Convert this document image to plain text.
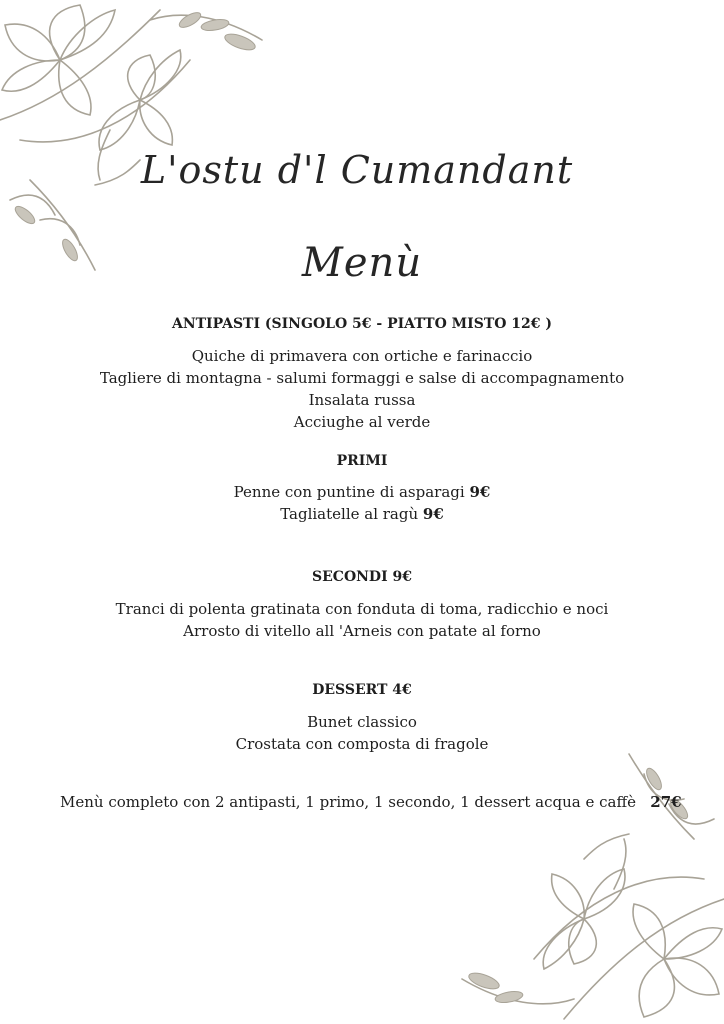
L'ostu d'l Cumandant
Menù
ANTIPASTI (SINGOLO 5€ - PIATTO MISTO 12€ )
Quiche di primavera con ortiche e farinaccio
Tagliere di montagna - salumi formaggi e salse di accompagnamento
Insalata russa
Acciughe al verde
PRIMI
Penne con puntine di asparagi 9€
Tagliatelle al ragù 9€
SECONDI 9€
Tranci di polenta gratinata con fonduta di toma, radicchio e noci
Arrosto di vitello all 'Arneis con patate al forno
DESSERT 4€
Bunet classico
Crostata con composta di fragole
Menù completo con 2 antipasti, 1 primo, 1 secondo, 1 dessert acqua e caffè 27€
